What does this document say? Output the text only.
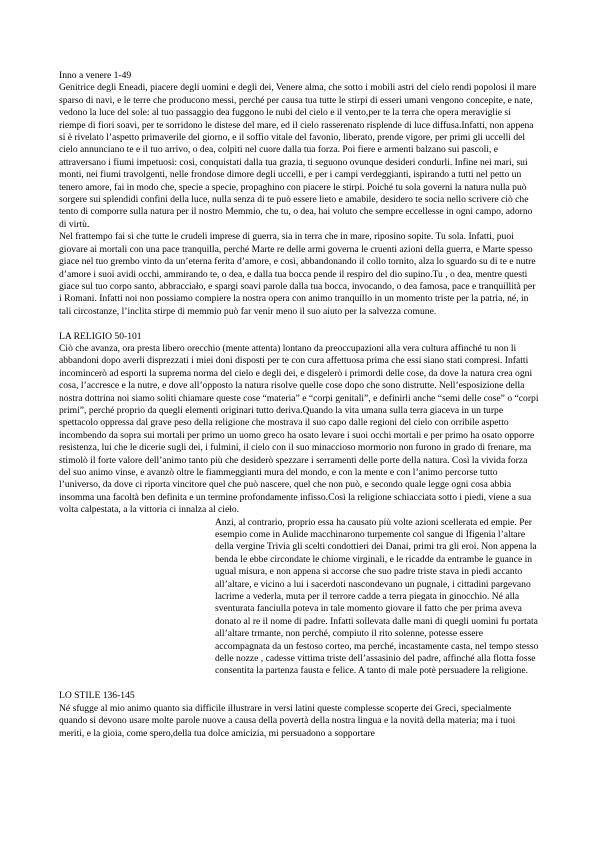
Inno a venere 1-49

Genitrice degli Eneadi, piacere degli uomini e degli dei, Venere alma, che sotto i mobili astri del cielo rendi popolosi il mare sparso di navi, e le terre che producono messi, perché per causa tua tutte le stirpi di esseri umani vengono concepite, e nate, vedono la luce del sole: al tuo passaggio dea fuggono le nubi del cielo e il vento,per te la terra che opera meraviglie si riempe di fiori soavi, per te sorridono le distese del mare, ed il cielo rasserenato risplende di luce diffusa.Infatti, non appena si è rivelato l’aspetto primaverile del giorno, e il soffio vitale del favonio, liberato, prende vigore, per primi gli uccelli del cielo annunciano te e il tuo arrivo, o dea, colpiti nel cuore dalla tua forza. Poi fiere e armenti balzano sui pascoli, e attraversano i fiumi impetuosi: così, conquistati dalla tua grazia, ti seguono ovunque desideri condurli. Infine nei mari, sui monti, nei fiumi travolgenti, nelle frondose dimore degli uccelli, e per i campi verdeggianti, ispirando a tutti nel petto un tenero amore, fai in modo che, specie a specie, propaghino con piacere le stirpi. Poiché tu sola governi la natura nulla può sorgere sui splendidi confini della luce, nulla senza di te può essere lieto e amabile, desidero te socia nello scrivere ciò che tento di comporre sulla natura per il nostro Memmio, che tu, o dea, hai voluto che sempre eccellesse in ogni campo, adorno di virtù.

Nel frattempo fai sì che tutte le crudeli imprese di guerra, sia in terra che in mare, riposino sopite. Tu sola. Infatti, puoi giovare ai mortali con una pace tranquilla, perché Marte re delle armi governa le cruenti azioni della guerra, e Marte spesso giace nel tuo grembo vinto da un’eterna ferita d’amore, e così, abbandonando il collo tornito, alza lo sguardo su di te e nutre d’amore i suoi avidi occhi, ammirando te, o dea, e dalla tua bocca pende il respiro del dio supino.Tu , o dea, mentre questi giace sul tuo corpo santo, abbracciało, e spargi soavi parole dalla tua bocca, invocando, o dea famosa, pace e tranquillità per i Romani. Infatti noi non possiamo compiere la nostra opera con animo tranquillo in un momento triste per la patria, né, in tali circostanze, l’inclita stirpe di memmio può far venir meno il suo aiuto per la salvezza comune.

LA RELIGIO 50-101

Ciò che avanza, ora presta libero orecchio (mente attenta) lontano da preoccupazioni alla vera cultura affinché tu non li abbandoni dopo averli disprezzati i miei doni disposti per te con cura affettuosa prima che essi siano stati compresi. Infatti incomincerò ad esporti la suprema norma del cielo e degli dei, e disgelerò i primordi delle cose, da dove la natura crea ogni cosa, l’accresce e la nutre, e dove all’opposto la natura risolve quelle cose dopo che sono distrutte. Nell’esposizione della nostra dottrina noi siamo soliti chiamare queste cose “materia” e “corpi genitali”, e definirli anche “semi delle cose” o “corpi primi”, perché proprio da quegli elementi originari tutto deriva.Quando la vita umana sulla terra giaceva in un turpe spettacolo oppressa dal grave peso della religione che mostrava il suo capo dalle regioni del cielo con orribile aspetto incombendo da sopra sui mortali per primo un uomo greco ha osato levare i suoi occhi mortali e per primo ha osato opporre resistenza, lui che le dicerie sugli dei, i fulmini, il cielo con il suo minaccioso mormorio non furono in grado di frenare, ma stimolò il forte valore dell’animo tanto più che desiderò spezzare i serramenti delle porte della natura. Così la vivida forza del suo animo vinse, e avanzò oltre le fiammeggianti mura del mondo, e con la mente e con l’animo percorse tutto l’universo, da dove ci riporta vincitore quel che può nascere, quel che non può, e secondo quale legge ogni cosa abbia insomma una facoltà ben definita e un termine profondamente infisso.Così la religione schiacciata sotto i piedi, viene a sua volta calpestata, a la vittoria ci innalza al cieło.

Anzi, al contrario, proprio essa ha causato più volte azioni scellerata ed empie. Per esempio come in Aulide macchinarono turpemente col sangue di Ifigenia l’altare della vergine Trivia gli scelti condottieri dei Danai, primi tra gli eroi. Non appena la benda le ebbe circondate le chiome virginali, e le ricadde da entrambe le guance in ugual misura, e non appena si accorse che suo padre triste stava in piedi accanto all’altare, e vicino a lui i sacerdoti nascondevano un pugnale, i cittadini pargevano lacrime a vederla, muta per il terrore cadde a terra piegata in ginocchio. Né alla sventurata fanciulla poteva in tale momento giovare il fatto che per prima aveva donato al re il nome di padre. Infatti sollevata dalle mani di quegli uomini fu portata all’altare trmante, non perché, compiuto il rito solenne, potesse essere accompagnata da un festoso corteo, ma perché, incastamente casta, nel tempo stesso delle nozze , cadesse vittima triste dell’assasinio del padre, affinché alla flotta fosse consentita la partenza fausta e felice. A tanto di male potè persuadere la religione.

LO STILE 136-145

Né sfugge al mio animo quanto sia difficile illustrare in versi latini queste complesse scoperte dei Greci, specialmente quando si devono usare molte parole nuove a causa della povertà della nostra lingua e la novità della materia; ma i tuoi meriti, e la gioia, come spero,della tua dolce amicizia, mi persuadono a sopportare
